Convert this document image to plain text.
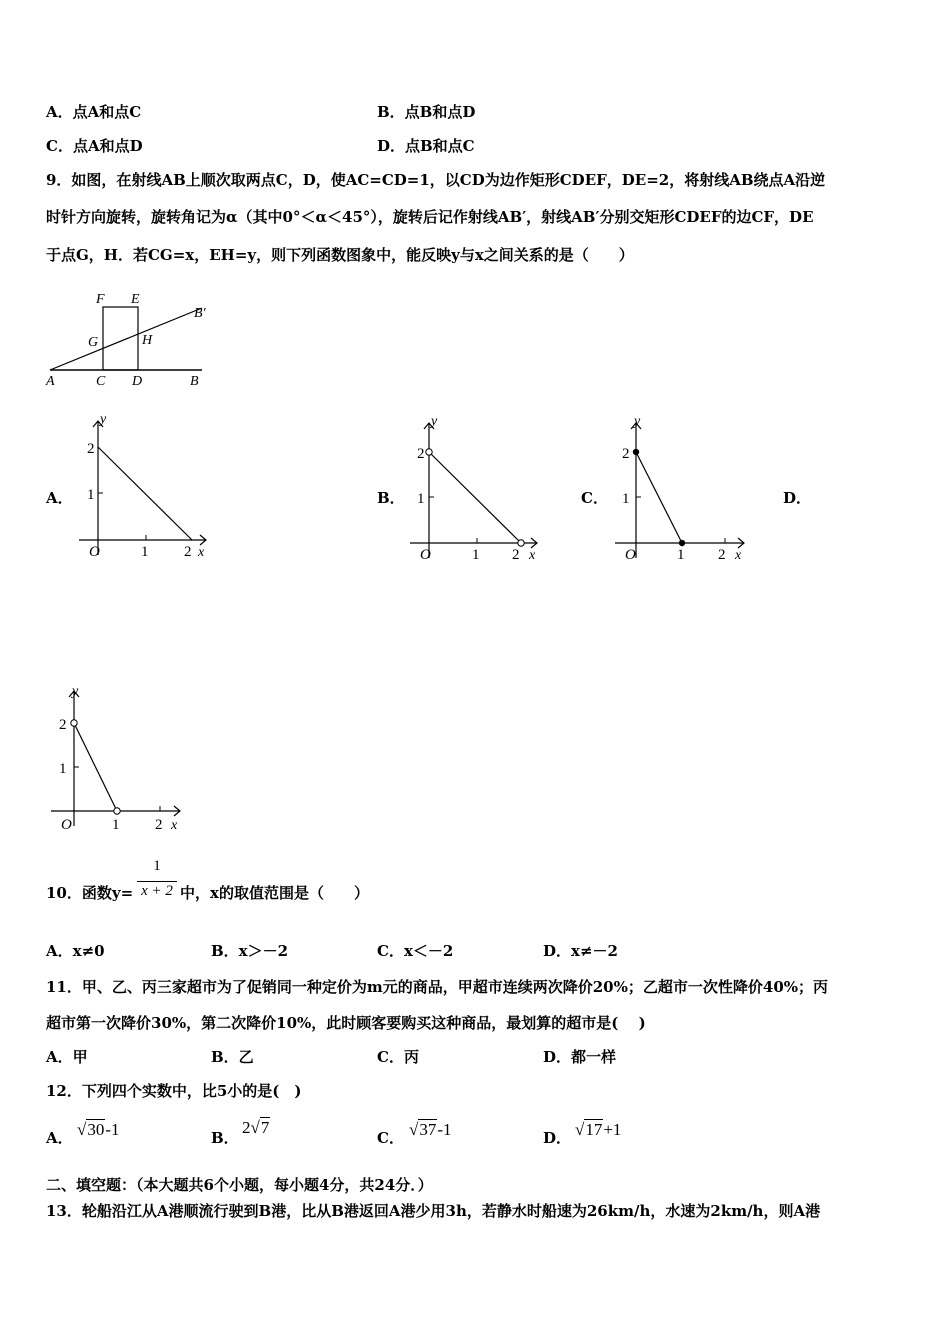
A．点A和点C	B．点B和点D
C．点A和点D	D．点B和点C
9．如图，在射线AB上顺次取两点C，D，使AC=CD=1，以CD为边作矩形CDEF，DE=2，将射线AB绕点A沿逆
时针方向旋转，旋转角记为α（其中0°＜α＜45°），旋转后记作射线AB′，射线AB′分别交矩形CDEF的边CF，DE
于点G，H．若CG=x，EH=y，则下列函数图象中，能反映y与x之间关系的是（　　）
F E
B′
G	H
A	C D	B
A．	B．	C．	D．
y
2
1
O	1 2 x
y
2
1
O	1 2 x
y
2
1
O	1 2 x
y
2
1
O	1 2 x
10．函数y=
1
x + 2 中，x的取值范围是（　　）
A．x≠0	B．x＞－2	C．x＜－2	D．x≠－2
11．甲、乙、丙三家超市为了促销同一种定价为m元的商品，甲超市连续两次降价20%；乙超市一次性降价40%；丙
超市第一次降价30%，第二次降价10%，此时顾客要购买这种商品，最划算的超市是(　 )
A．甲	B．乙	C．丙	D．都一样
12．下列四个实数中，比5小的是(　)
A． √30-1	B．
2√7
C． √37-1	D． √17+1
二、填空题：（本大题共6个小题，每小题4分，共24分．）
13．轮船沿江从A港顺流行驶到B港，比从B港返回A港少用3h，若静水时船速为26km/h，水速为2km/h，则A港
